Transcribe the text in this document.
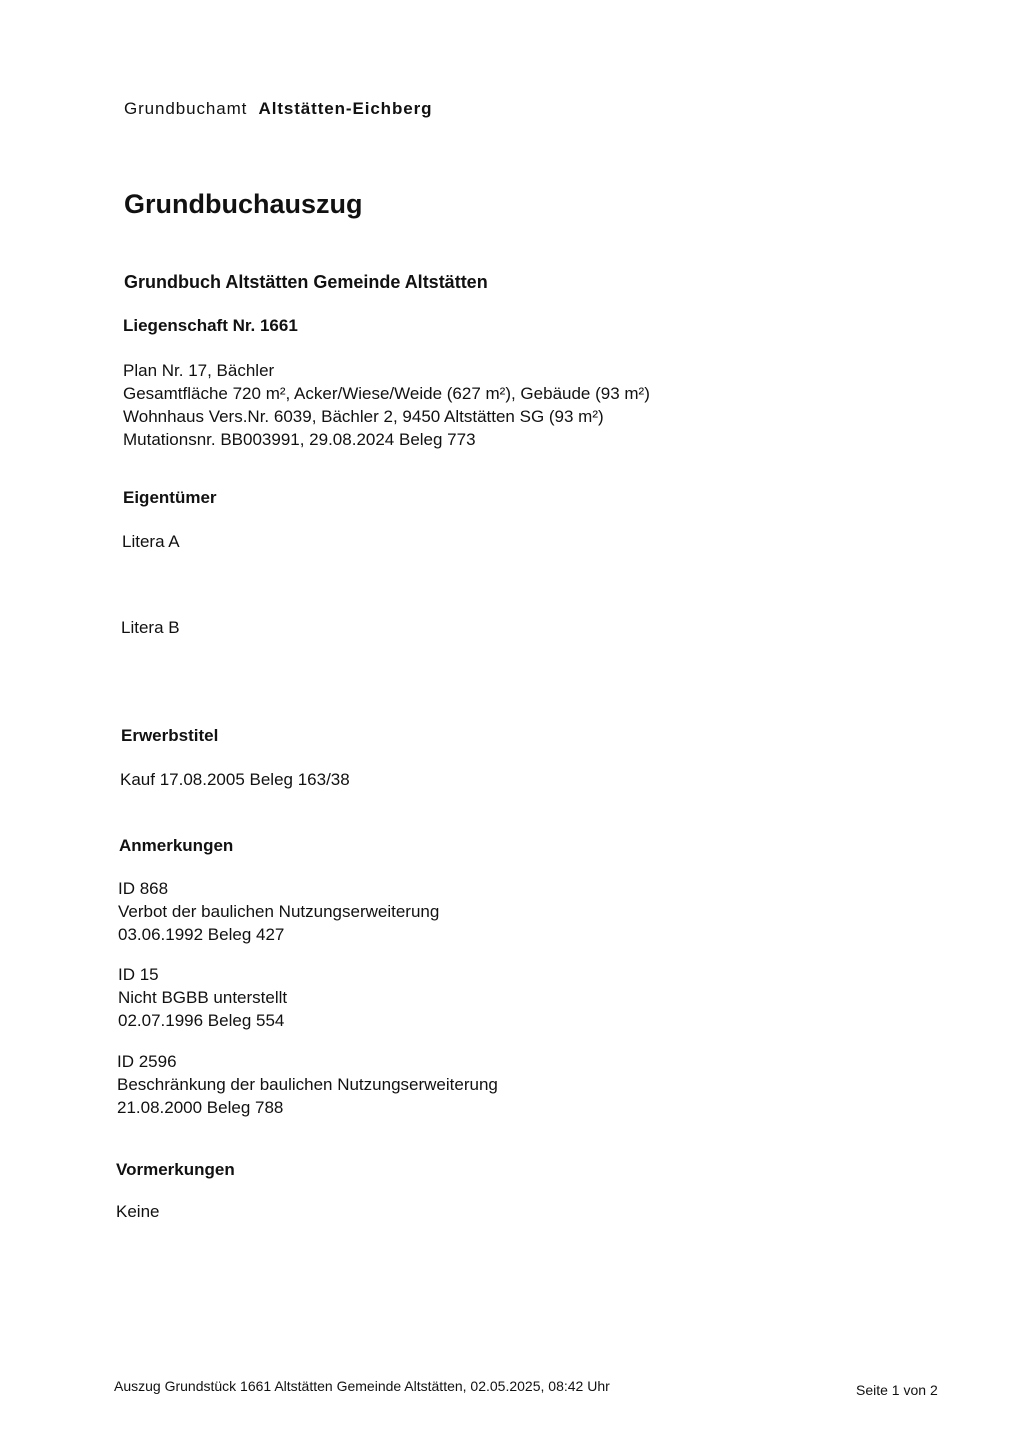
Grundbuchamt Altstätten-Eichberg
Grundbuchauszug
Grundbuch Altstätten Gemeinde Altstätten
Liegenschaft Nr. 1661
Plan Nr. 17, Bächler
Gesamtfläche 720 m², Acker/Wiese/Weide (627 m²), Gebäude (93 m²)
Wohnhaus Vers.Nr. 6039, Bächler 2, 9450 Altstätten SG (93 m²)
Mutationsnr. BB003991, 29.08.2024 Beleg 773
Eigentümer
Litera A
Litera B
Erwerbstitel
Kauf 17.08.2005 Beleg 163/38
Anmerkungen
ID 868
Verbot der baulichen Nutzungserweiterung
03.06.1992 Beleg 427
ID 15
Nicht BGBB unterstellt
02.07.1996 Beleg 554
ID 2596
Beschränkung der baulichen Nutzungserweiterung
21.08.2000 Beleg 788
Vormerkungen
Keine
Auszug Grundstück 1661 Altstätten Gemeinde Altstätten, 02.05.2025, 08:42 Uhr	Seite 1 von 2
